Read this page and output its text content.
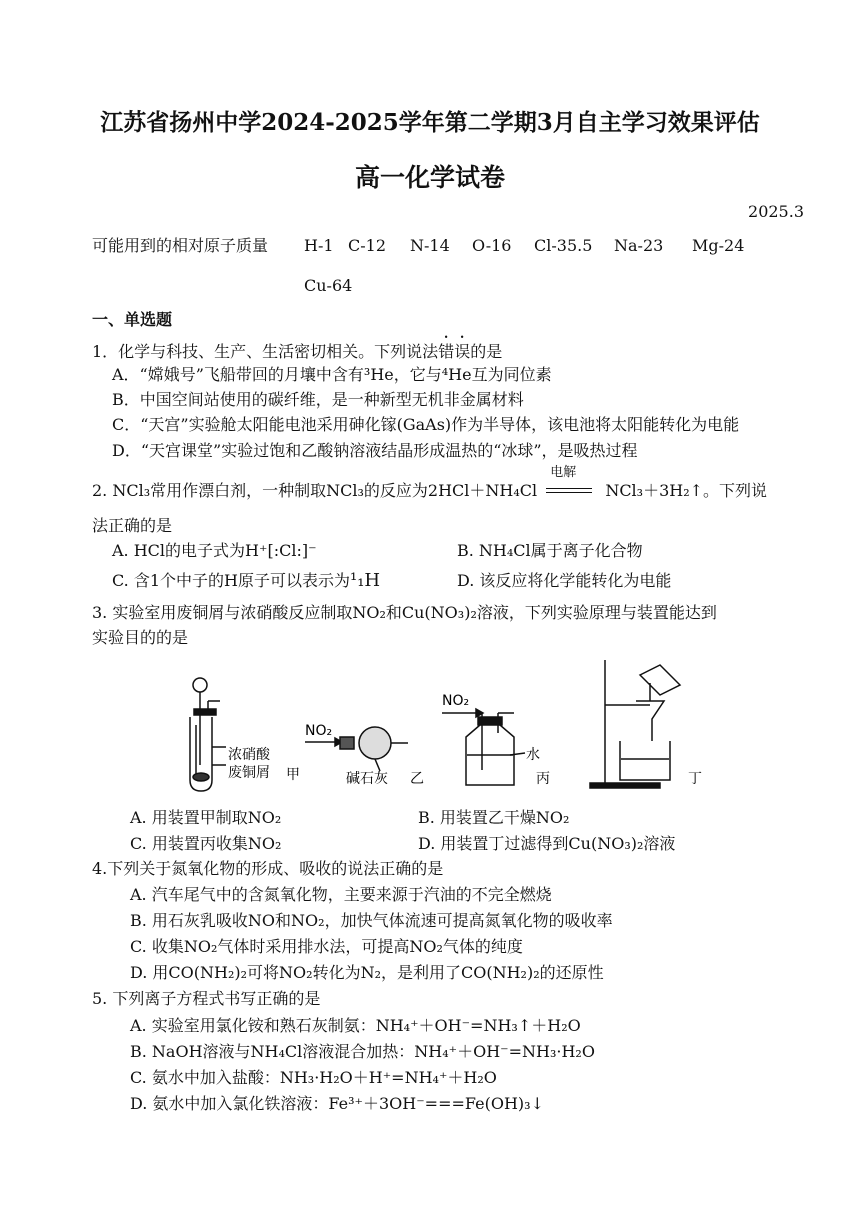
江苏省扬州中学2024-2025学年第二学期3月自主学习效果评估
高一化学试卷
2025.3
可能用到的相对原子质量 H-1 C-12 N-14 O-16 Cl-35.5 Na-23 Mg-24
Cu-64
一、单选题
1．化学与科技、生产、生活密切相关。下列说法错误的是
A．“嫦娥号”飞船带回的月壤中含有³He，它与⁴He互为同位素
B．中国空间站使用的碳纤维，是一种新型无机非金属材料
C．“天宫”实验舱太阳能电池采用砷化镓(GaAs)作为半导体，该电池将太阳能转化为电能
D．“天宫课堂”实验过饱和乙酸钠溶液结晶形成温热的“冰球”，是吸热过程
2. NCl₃常用作漂白剂，一种制取NCl₃的反应为2HCl＋NH₄Cl
电解
NCl₃＋3H₂↑。下列说
法正确的是
A. HCl的电子式为H⁺[:Cl:]⁻	B. NH₄Cl属于离子化合物
C. 含1个中子的H原子可以表示为¹₁H	D. 该反应将化学能转化为电能
3. 实验室用废铜屑与浓硝酸反应制取NO₂和Cu(NO₃)₂溶液，下列实验原理与装置能达到
实验目的的是
浓硝酸
废铜屑 甲
NO₂
碱石灰 乙
NO₂
水
丙	丁
A. 用装置甲制取NO₂	B. 用装置乙干燥NO₂
C. 用装置丙收集NO₂	D. 用装置丁过滤得到Cu(NO₃)₂溶液
4.下列关于氮氧化物的形成、吸收的说法正确的是
A. 汽车尾气中的含氮氧化物，主要来源于汽油的不完全燃烧
B. 用石灰乳吸收NO和NO₂，加快气体流速可提高氮氧化物的吸收率
C. 收集NO₂气体时采用排水法，可提高NO₂气体的纯度
D. 用CO(NH₂)₂可将NO₂转化为N₂，是利用了CO(NH₂)₂的还原性
5. 下列离子方程式书写正确的是
A. 实验室用氯化铵和熟石灰制氨：NH₄⁺＋OH⁻=NH₃↑＋H₂O
B. NaOH溶液与NH₄Cl溶液混合加热：NH₄⁺＋OH⁻=NH₃·H₂O
C. 氨水中加入盐酸：NH₃·H₂O＋H⁺=NH₄⁺＋H₂O
D. 氨水中加入氯化铁溶液：Fe³⁺＋3OH⁻===Fe(OH)₃↓
